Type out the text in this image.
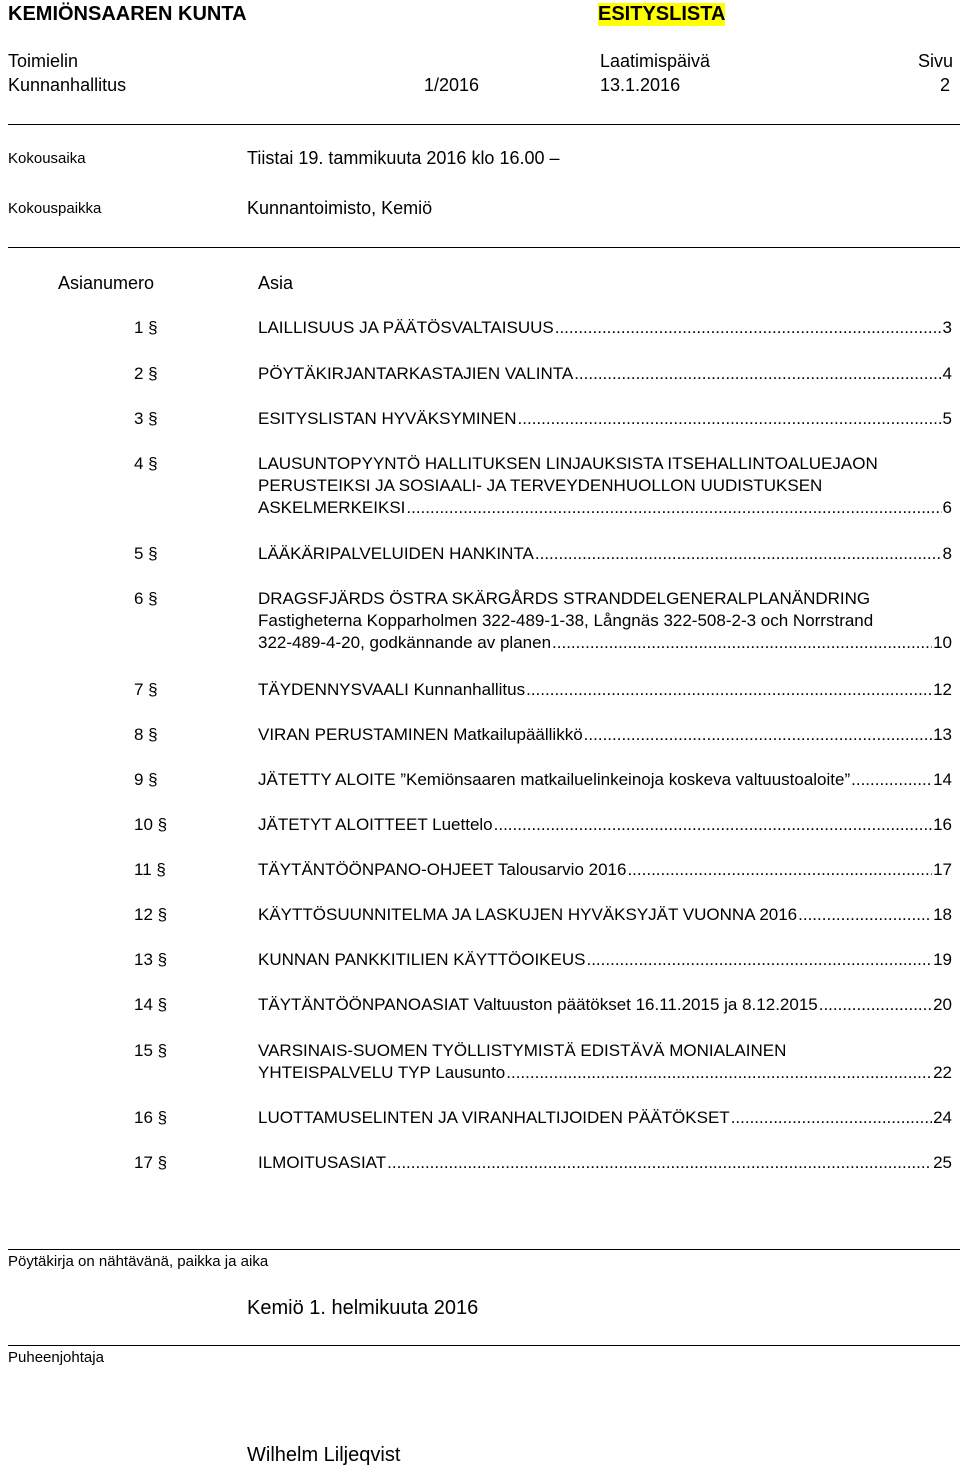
KEMIÖNSAAREN KUNTA	ESITYSLISTA
Toimielin
Kunnanhallitus	1/2016
Laatimispäivä
13.1.2016
Sivu
2
Kokousaika	Tiistai 19. tammikuuta 2016 klo 16.00 –
Kokouspaikka	Kunnantoimisto, Kemiö
Asianumero	Asia
1 §	LAILLISUUS JA PÄÄTÖSVALTAISUUS .....	3
2 §	PÖYTÄKIRJANTARKASTAJIEN VALINTA .....	4
3 §	ESITYSLISTAN HYVÄKSYMINEN .....	5
4 §	LAUSUNTOPYYNTÖ HALLITUKSEN LINJAUKSISTA ITSEHALLINTOALUEJAON
PERUSTEIKSI JA SOSIAALI- JA TERVEYDENHUOLLON UUDISTUKSEN
ASKELMERKEIKSI .....	6
5 §	LÄÄKÄRIPALVELUIDEN HANKINTA .....	8
6 §	DRAGSFJÄRDS ÖSTRA SKÄRGÅRDS STRANDDELGENERALPLANÄNDRING
Fastigheterna Kopparholmen 322-489-1-38, Långnäs 322-508-2-3 och Norrstrand
322-489-4-20, godkännande av planen .....	10
7 §	TÄYDENNYSVAALI Kunnanhallitus .....	12
8 §	VIRAN PERUSTAMINEN Matkailupäällikkö .....	13
9 §	JÄTETTY ALOITE ”Kemiönsaaren matkailuelinkeinoja koskeva valtuustoaloite” .....	14
10 §	JÄTETYT ALOITTEET Luettelo .....	16
11 §	TÄYTÄNTÖÖNPANO-OHJEET Talousarvio 2016 .....	17
12 §	KÄYTTÖSUUNNITELMA JA LASKUJEN HYVÄKSYJÄT VUONNA 2016 .....	18
13 §	KUNNAN PANKKITILIEN KÄYTTÖOIKEUS .....	19
14 §	TÄYTÄNTÖÖNPANOASIAT Valtuuston päätökset 16.11.2015 ja 8.12.2015 .....	20
15 §	VARSINAIS-SUOMEN TYÖLLISTYMISTÄ EDISTÄVÄ MONIALAINEN
YHTEISPALVELU TYP Lausunto .....	22
16 §	LUOTTAMUSELINTEN JA VIRANHALTIJOIDEN PÄÄTÖKSET .....	24
17 §	ILMOITUSASIAT .....	25
Pöytäkirja on nähtävänä, paikka ja aika
Kemiö 1. helmikuuta 2016
Puheenjohtaja
Wilhelm Liljeqvist
